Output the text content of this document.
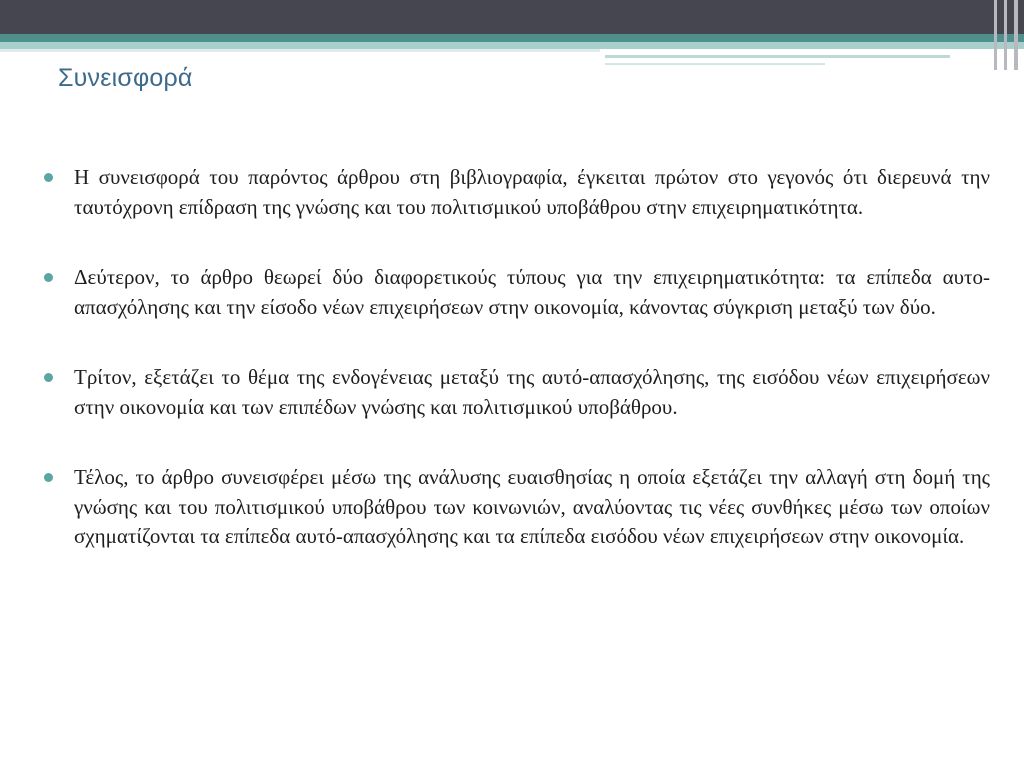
Συνεισφορά
Η συνεισφορά του παρόντος άρθρου στη βιβλιογραφία, έγκειται πρώτον στο γεγονός ότι διερευνά την ταυτόχρονη επίδραση της γνώσης και του πολιτισμικού υποβάθρου στην επιχειρηματικότητα.
Δεύτερον, το άρθρο θεωρεί δύο διαφορετικούς τύπους για την επιχειρηματικότητα: τα επίπεδα αυτο-απασχόλησης και την είσοδο νέων επιχειρήσεων στην οικονομία, κάνοντας σύγκριση μεταξύ των δύο.
Τρίτον, εξετάζει το θέμα της ενδογένειας μεταξύ της αυτό-απασχόλησης, της εισόδου νέων επιχειρήσεων στην οικονομία και των επιπέδων γνώσης και πολιτισμικού υποβάθρου.
Τέλος, το άρθρο συνεισφέρει μέσω της ανάλυσης ευαισθησίας η οποία εξετάζει την αλλαγή στη δομή της γνώσης και του πολιτισμικού υποβάθρου των κοινωνιών, αναλύοντας τις νέες συνθήκες μέσω των οποίων σχηματίζονται τα επίπεδα αυτό-απασχόλησης και τα επίπεδα εισόδου νέων επιχειρήσεων στην οικονομία.
